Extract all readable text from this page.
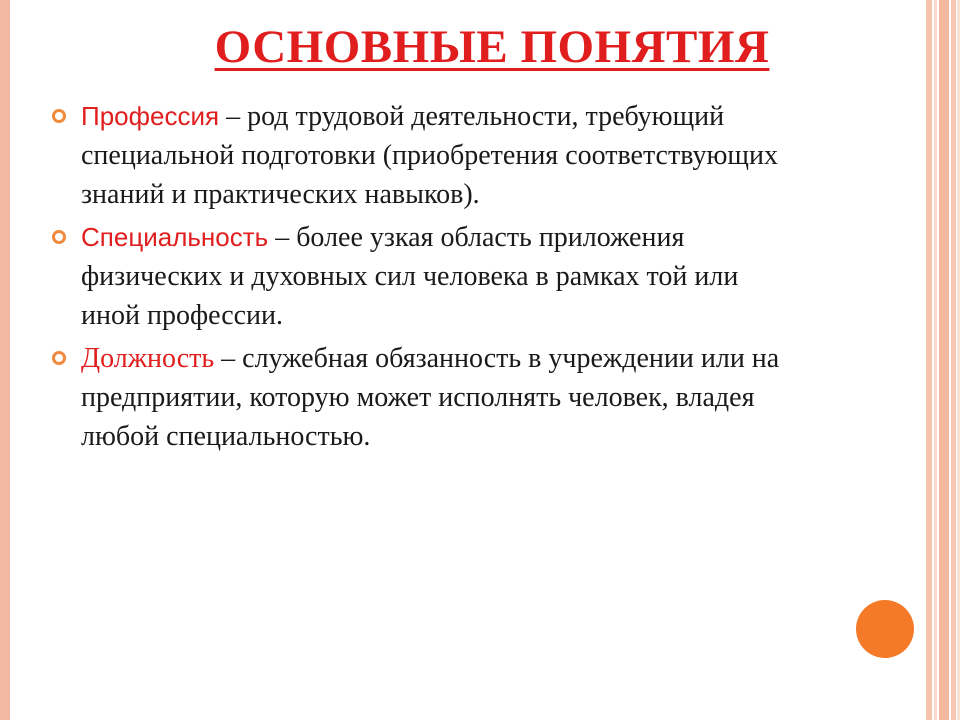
ОСНОВНЫЕ ПОНЯТИЯ
Профессия – род трудовой деятельности, требующий специальной подготовки (приобретения соответствующих знаний и практических навыков).
Специальность – более узкая область приложения физических и духовных сил человека в рамках той или иной профессии.
Должность – служебная обязанность в учреждении или на предприятии, которую может исполнять человек, владея любой специальностью.
